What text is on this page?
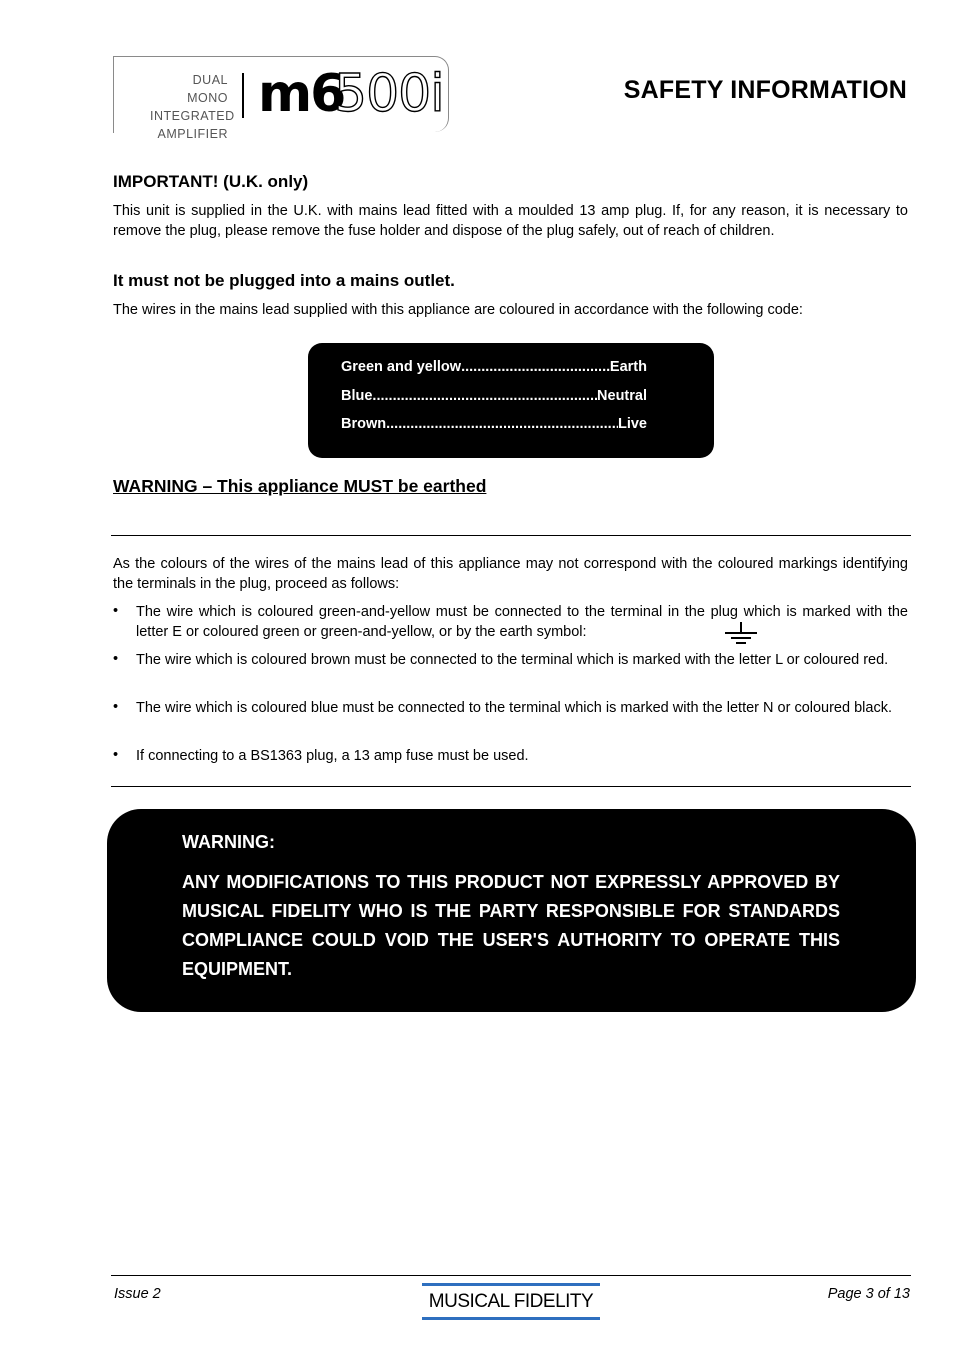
DUAL MONO
INTEGRATED
AMPLIFIER
m6
500i	SAFETY INFORMATION
IMPORTANT! (U.K. only)
This unit is supplied in the U.K. with mains lead fitted with a moulded 13 amp plug. If, for any reason, it is necessary to remove the plug, please remove the fuse holder and dispose of the plug safely, out of reach of children.
It must not be plugged into a mains outlet.
The wires in the mains lead supplied with this appliance are coloured in accordance with the following code:
Green and yellow .....	Earth
Blue .....	Neutral
Brown .....	Live
WARNING – This appliance MUST be earthed
As the colours of the wires of the mains lead of this appliance may not correspond with the coloured markings identifying the terminals in the plug, proceed as follows:
• The wire which is coloured green-and-yellow must be connected to the terminal in the plug which is marked with the letter E or coloured green or green-and-yellow, or by the earth symbol:
• The wire which is coloured brown must be connected to the terminal which is marked with the letter L or coloured red.
• The wire which is coloured blue must be connected to the terminal which is marked with the letter N or coloured black.
• If connecting to a BS1363 plug, a 13 amp fuse must be used.
WARNING:
ANY MODIFICATIONS TO THIS PRODUCT NOT EXPRESSLY APPROVED BY MUSICAL FIDELITY WHO IS THE PARTY RESPONSIBLE FOR STANDARDS COMPLIANCE COULD VOID THE USER'S AUTHORITY TO OPERATE THIS EQUIPMENT.
Issue 2	MUSICAL FIDELITY	Page 3 of 13
